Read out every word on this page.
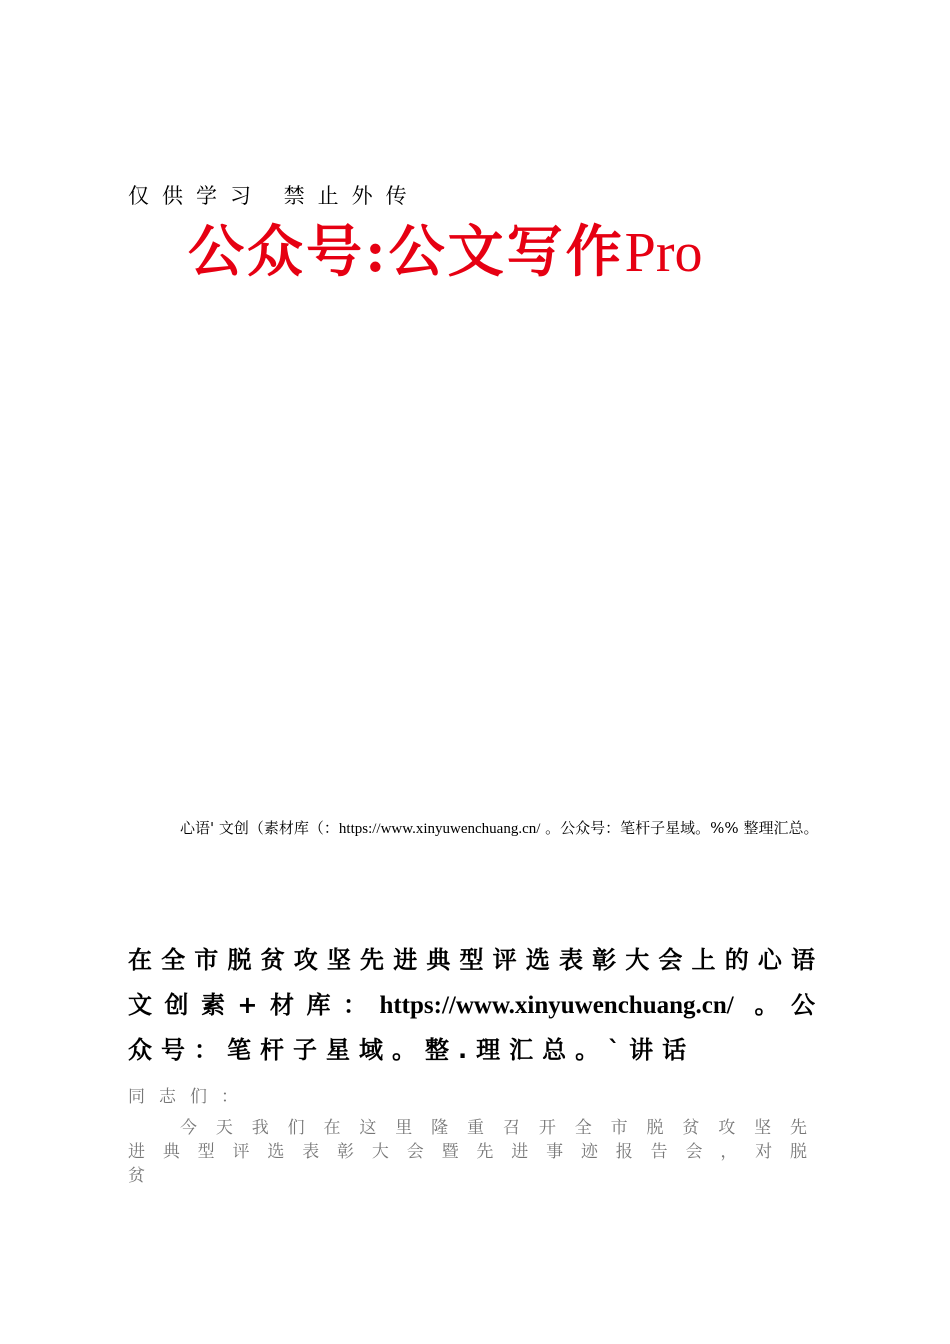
仅供学习 禁止外传
公众号:公文写作Pro
心语' 文创（素材库（：https://www.xinyuwenchuang.cn/ 。公众号：笔杆子星域。%% 整理汇总。
在全市脱贫攻坚先进典型评选表彰大会上的心语文创素+材库：https://www.xinyuwenchuang.cn/ 。公众号：笔杆子星域。整.理汇总。`讲话
同志们：
今天我们在这里隆重召开全市脱贫攻坚先进典型评选表彰大会暨先进事迹报告会，对脱贫
